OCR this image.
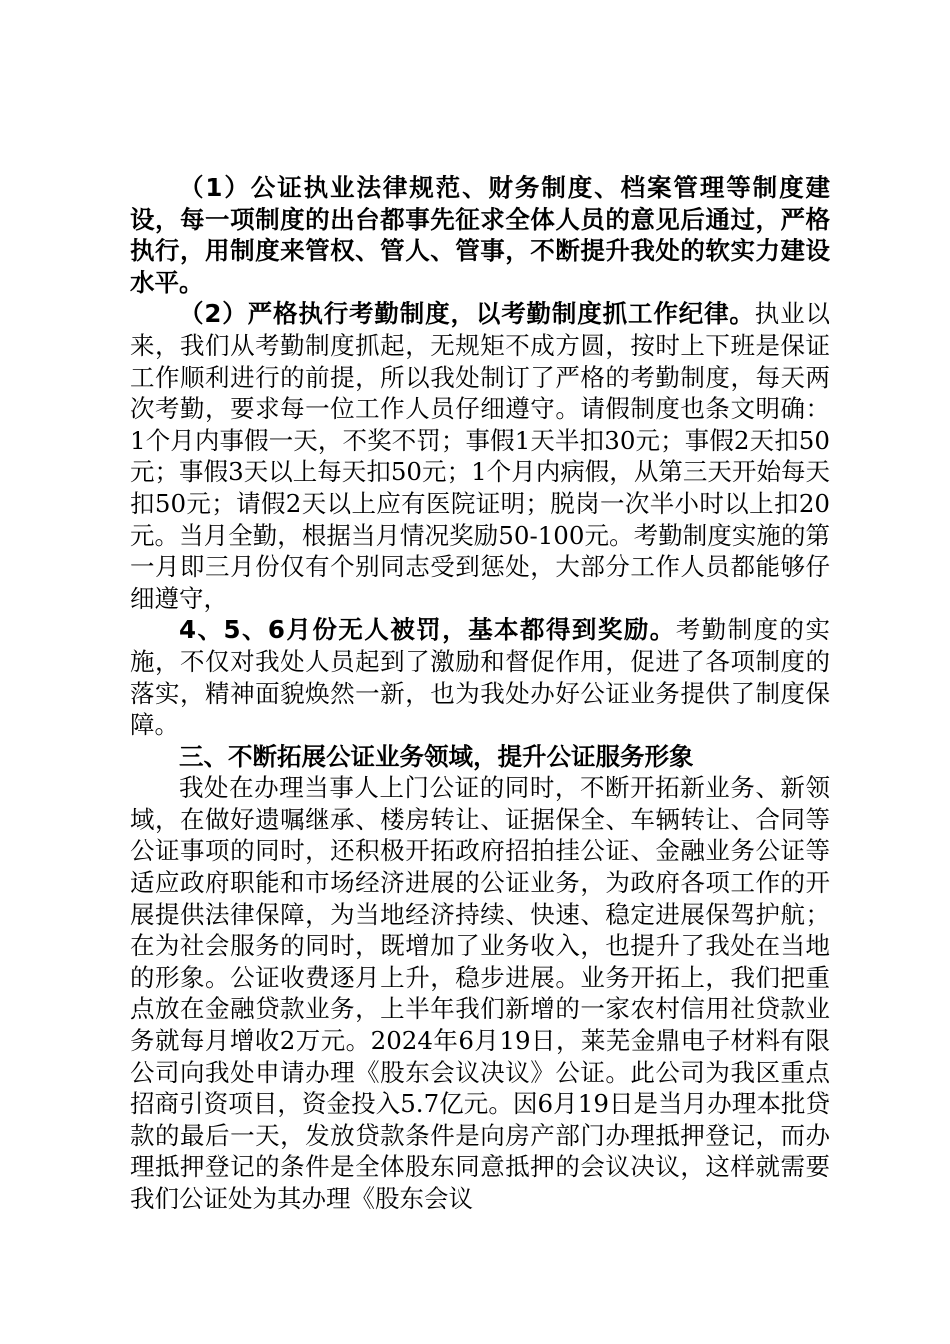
（1）公证执业法律规范、财务制度、档案管理等制度建设，每一项制度的出台都事先征求全体人员的意见后通过，严格执行，用制度来管权、管人、管事，不断提升我处的软实力建设水平。

（2）严格执行考勤制度，以考勤制度抓工作纪律。执业以来，我们从考勤制度抓起，无规矩不成方圆，按时上下班是保证工作顺利进行的前提，所以我处制订了严格的考勤制度，每天两次考勤，要求每一位工作人员仔细遵守。请假制度也条文明确：1个月内事假一天，不奖不罚；事假1天半扣30元；事假2天扣50元；事假3天以上每天扣50元；1个月内病假，从第三天开始每天扣50元；请假2天以上应有医院证明；脱岗一次半小时以上扣20元。当月全勤，根据当月情况奖励50-100元。考勤制度实施的第一月即三月份仅有个别同志受到惩处，大部分工作人员都能够仔细遵守，

4、5、6月份无人被罚，基本都得到奖励。考勤制度的实施，不仅对我处人员起到了激励和督促作用，促进了各项制度的落实，精神面貌焕然一新，也为我处办好公证业务提供了制度保障。

三、不断拓展公证业务领域，提升公证服务形象

我处在办理当事人上门公证的同时，不断开拓新业务、新领域，在做好遗嘱继承、楼房转让、证据保全、车辆转让、合同等公证事项的同时，还积极开拓政府招拍挂公证、金融业务公证等适应政府职能和市场经济进展的公证业务，为政府各项工作的开展提供法律保障，为当地经济持续、快速、稳定进展保驾护航；在为社会服务的同时，既增加了业务收入，也提升了我处在当地的形象。公证收费逐月上升，稳步进展。业务开拓上，我们把重点放在金融贷款业务，上半年我们新增的一家农村信用社贷款业务就每月增收2万元。2024年6月19日，莱芜金鼎电子材料有限公司向我处申请办理《股东会议决议》公证。此公司为我区重点招商引资项目，资金投入5.7亿元。因6月19日是当月办理本批贷款的最后一天，发放贷款条件是向房产部门办理抵押登记，而办理抵押登记的条件是全体股东同意抵押的会议决议，这样就需要我们公证处为其办理《股东会议
